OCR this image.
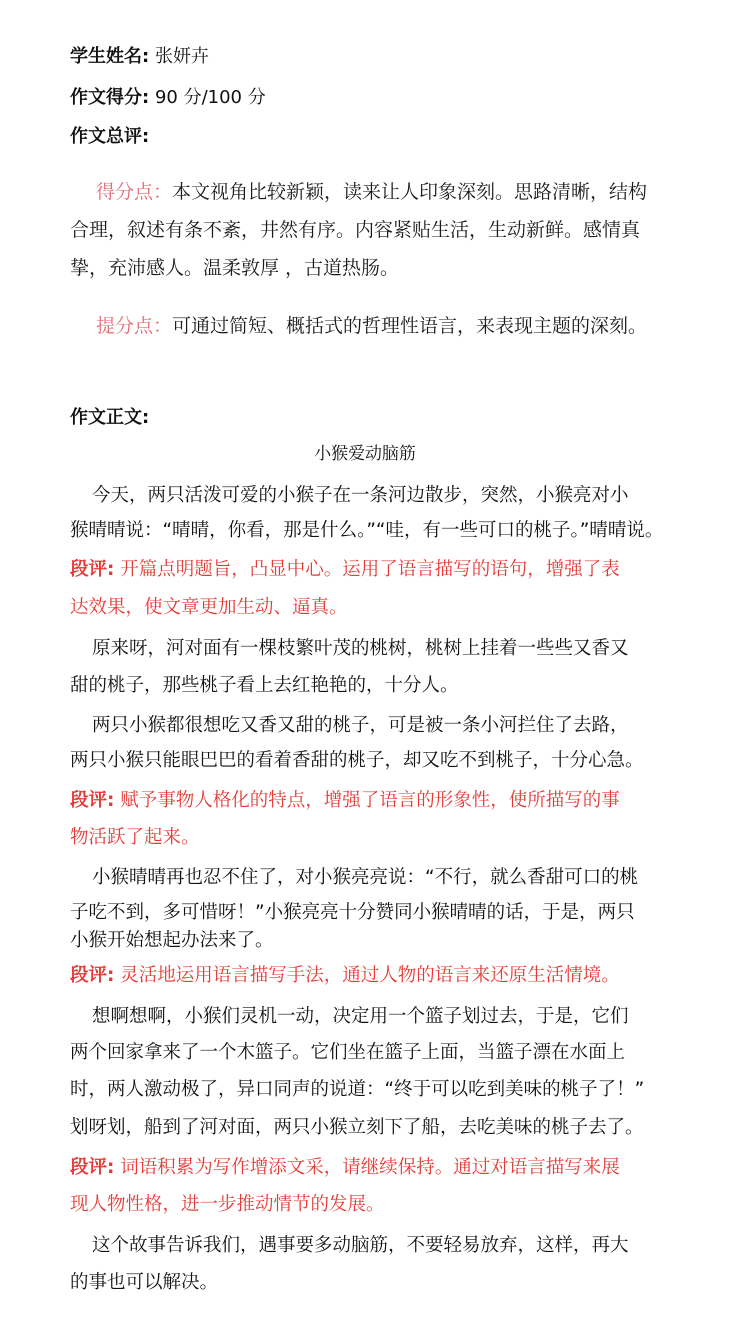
学生姓名: 张妍卉
作文得分: 90 分/100 分
作文总评:
得分点：本文视角比较新颖，读来让人印象深刻。思路清晰，结构
合理，叙述有条不紊，井然有序。内容紧贴生活，生动新鲜。感情真
挚，充沛感人。温柔敦厚 ，古道热肠。
提分点：可通过简短、概括式的哲理性语言，来表现主题的深刻。
作文正文:
小猴爱动脑筋
今天，两只活泼可爱的小猴子在一条河边散步，突然，小猴亮对小
猴晴晴说：“晴晴，你看，那是什么。”“哇，有一些可口的桃子。”晴晴说。
段评: 开篇点明题旨，凸显中心。运用了语言描写的语句，增强了表
达效果，使文章更加生动、逼真。
原来呀，河对面有一棵枝繁叶茂的桃树，桃树上挂着一些些又香又
甜的桃子，那些桃子看上去红艳艳的，十分人。
两只小猴都很想吃又香又甜的桃子，可是被一条小河拦住了去路，
两只小猴只能眼巴巴的看着香甜的桃子，却又吃不到桃子，十分心急。
段评: 赋予事物人格化的特点，增强了语言的形象性，使所描写的事
物活跃了起来。
小猴晴晴再也忍不住了，对小猴亮亮说：“不行，就么香甜可口的桃
子吃不到，多可惜呀！”小猴亮亮十分赞同小猴晴晴的话，于是，两只
小猴开始想起办法来了。
段评: 灵活地运用语言描写手法，通过人物的语言来还原生活情境。
想啊想啊，小猴们灵机一动，决定用一个篮子划过去，于是，它们
两个回家拿来了一个木篮子。它们坐在篮子上面，当篮子漂在水面上
时，两人激动极了，异口同声的说道：“终于可以吃到美味的桃子了！”
划呀划，船到了河对面，两只小猴立刻下了船，去吃美味的桃子去了。
段评: 词语积累为写作增添文采，请继续保持。通过对语言描写来展
现人物性格，进一步推动情节的发展。
这个故事告诉我们，遇事要多动脑筋，不要轻易放弃，这样，再大
的事也可以解决。
